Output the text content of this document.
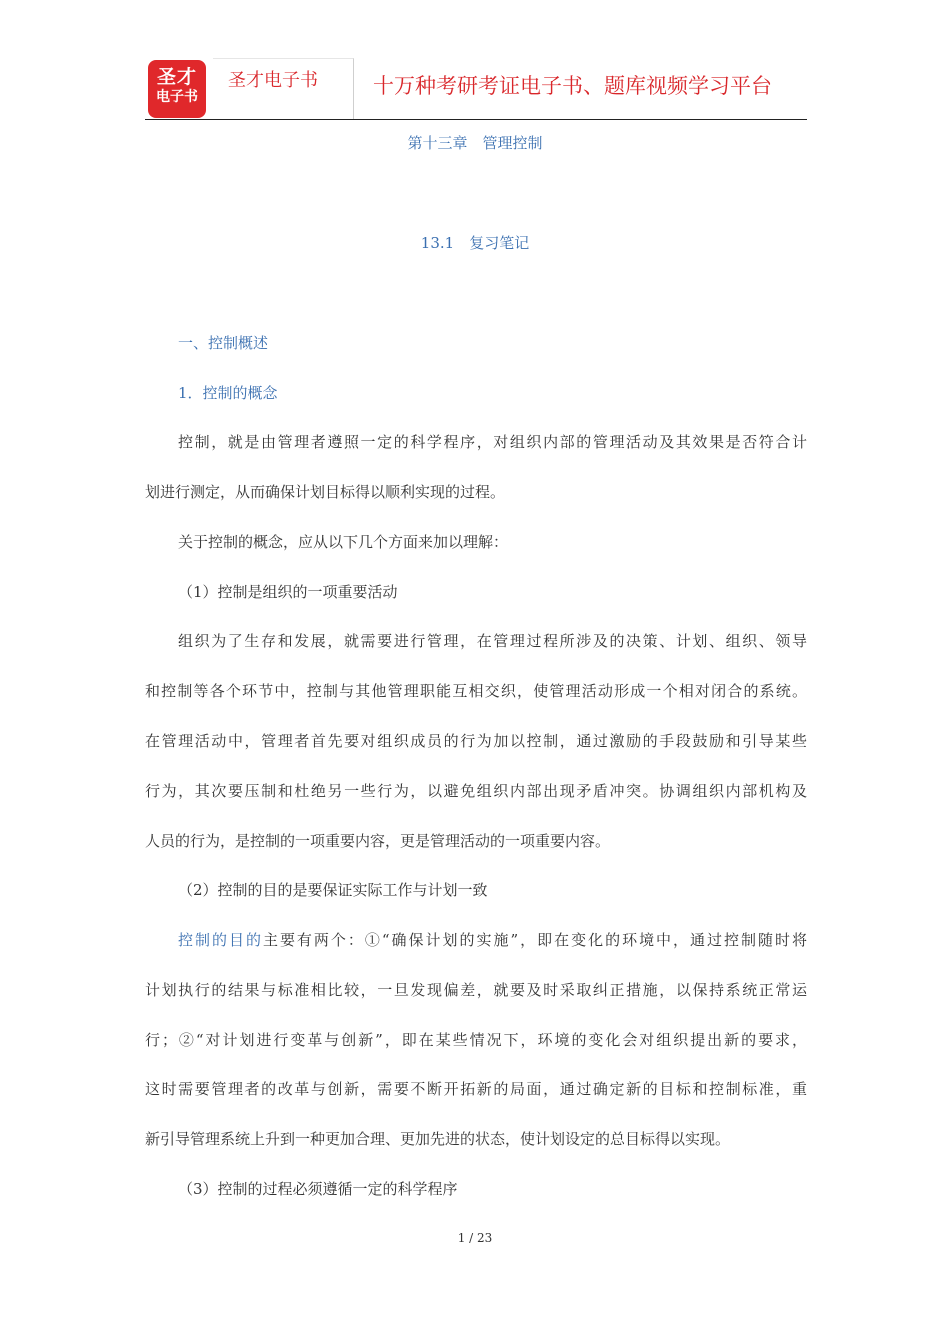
圣才
电子书
圣才电子书	十万种考研考证电子书、题库视频学习平台
第十三章　管理控制
13.1　复习笔记
一、控制概述
1．控制的概念
控制，就是由管理者遵照一定的科学程序，对组织内部的管理活动及其效果是否符合计
划进行测定，从而确保计划目标得以顺利实现的过程。
关于控制的概念，应从以下几个方面来加以理解：
（1）控制是组织的一项重要活动
组织为了生存和发展，就需要进行管理，在管理过程所涉及的决策、计划、组织、领导
和控制等各个环节中，控制与其他管理职能互相交织，使管理活动形成一个相对闭合的系统。
在管理活动中，管理者首先要对组织成员的行为加以控制，通过激励的手段鼓励和引导某些
行为，其次要压制和杜绝另一些行为，以避免组织内部出现矛盾冲突。协调组织内部机构及
人员的行为，是控制的一项重要内容，更是管理活动的一项重要内容。
（2）控制的目的是要保证实际工作与计划一致
控制的目的主要有两个：①“确保计划的实施”，即在变化的环境中，通过控制随时将
计划执行的结果与标准相比较，一旦发现偏差，就要及时采取纠正措施，以保持系统正常运
行；②“对计划进行变革与创新”，即在某些情况下，环境的变化会对组织提出新的要求，
这时需要管理者的改革与创新，需要不断开拓新的局面，通过确定新的目标和控制标准，重
新引导管理系统上升到一种更加合理、更加先进的状态，使计划设定的总目标得以实现。
（3）控制的过程必须遵循一定的科学程序
1 / 23
